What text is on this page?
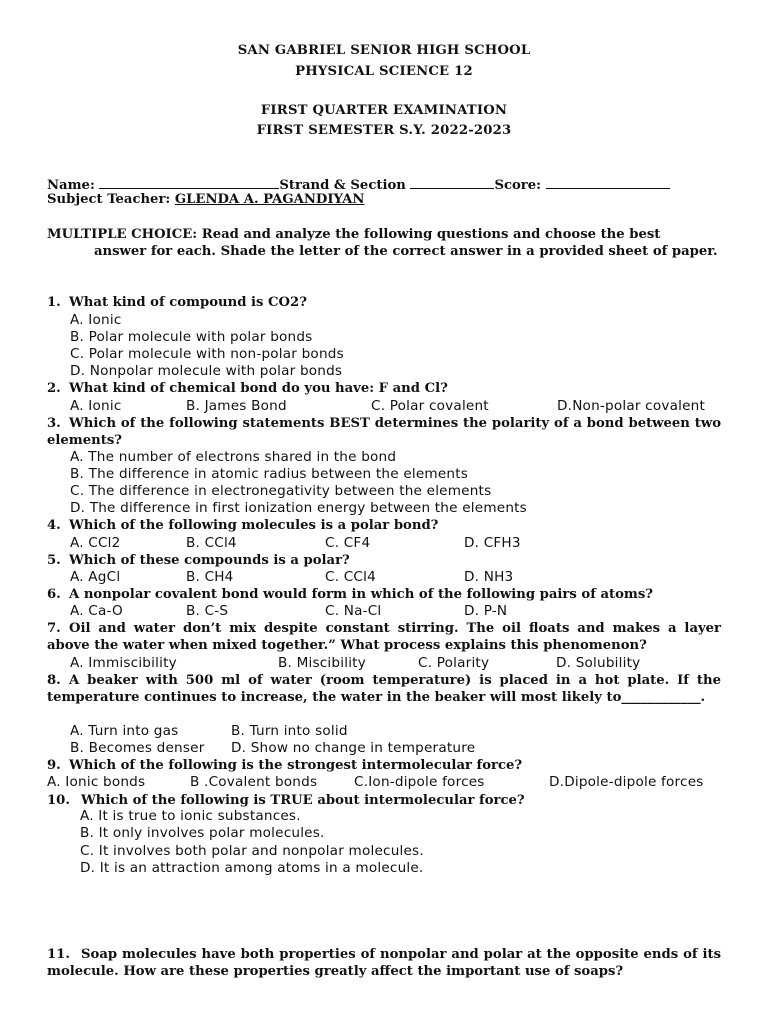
SAN GABRIEL SENIOR HIGH SCHOOL
PHYSICAL SCIENCE 12
FIRST QUARTER EXAMINATION
FIRST SEMESTER S.Y. 2022-2023
Name:	Strand & Section	Score:
Subject Teacher: GLENDA A. PAGANDIYAN
MULTIPLE CHOICE: Read and analyze the following questions and choose the best
answer for each. Shade the letter of the correct answer in a provided sheet of paper.
1. What kind of compound is CO2?
A. Ionic
B. Polar molecule with polar bonds
C. Polar molecule with non-polar bonds
D. Nonpolar molecule with polar bonds
2. What kind of chemical bond do you have: F and Cl?
A. Ionic	B. James Bond	C. Polar covalent	D.Non-polar covalent
3. Which of the following statements BEST determines the polarity of a bond between two elements?
A. The number of electrons shared in the bond
B. The difference in atomic radius between the elements
C. The difference in electronegativity between the elements
D. The difference in first ionization energy between the elements
4. Which of the following molecules is a polar bond?
A. CCl2	B. CCl4	C. CF4	D. CFH3
5. Which of these compounds is a polar?
A. AgCl	B. CH4	C. CCl4	D. NH3
6. A nonpolar covalent bond would form in which of the following pairs of atoms?
A. Ca-O	B. C-S	C. Na-Cl	D. P-N
7. Oil and water don’t mix despite constant stirring. The oil floats and makes a layer above the water when mixed together.” What process explains this phenomenon?
A. Immiscibility	B. Miscibility	C. Polarity	D. Solubility
8. A beaker with 500 ml of water (room temperature) is placed in a hot plate. If the temperature continues to increase, the water in the beaker will most likely to____________.
A. Turn into gas	B. Turn into solid
B. Becomes denser D. Show no change in temperature
9. Which of the following is the strongest intermolecular force?
A. Ionic bonds	B .Covalent bonds	C.Ion-dipole forces	D.Dipole-dipole forces
10. Which of the following is TRUE about intermolecular force?
A. It is true to ionic substances.
B. It only involves polar molecules.
C. It involves both polar and nonpolar molecules.
D. It is an attraction among atoms in a molecule.
11. Soap molecules have both properties of nonpolar and polar at the opposite ends of its molecule. How are these properties greatly affect the important use of soaps?
